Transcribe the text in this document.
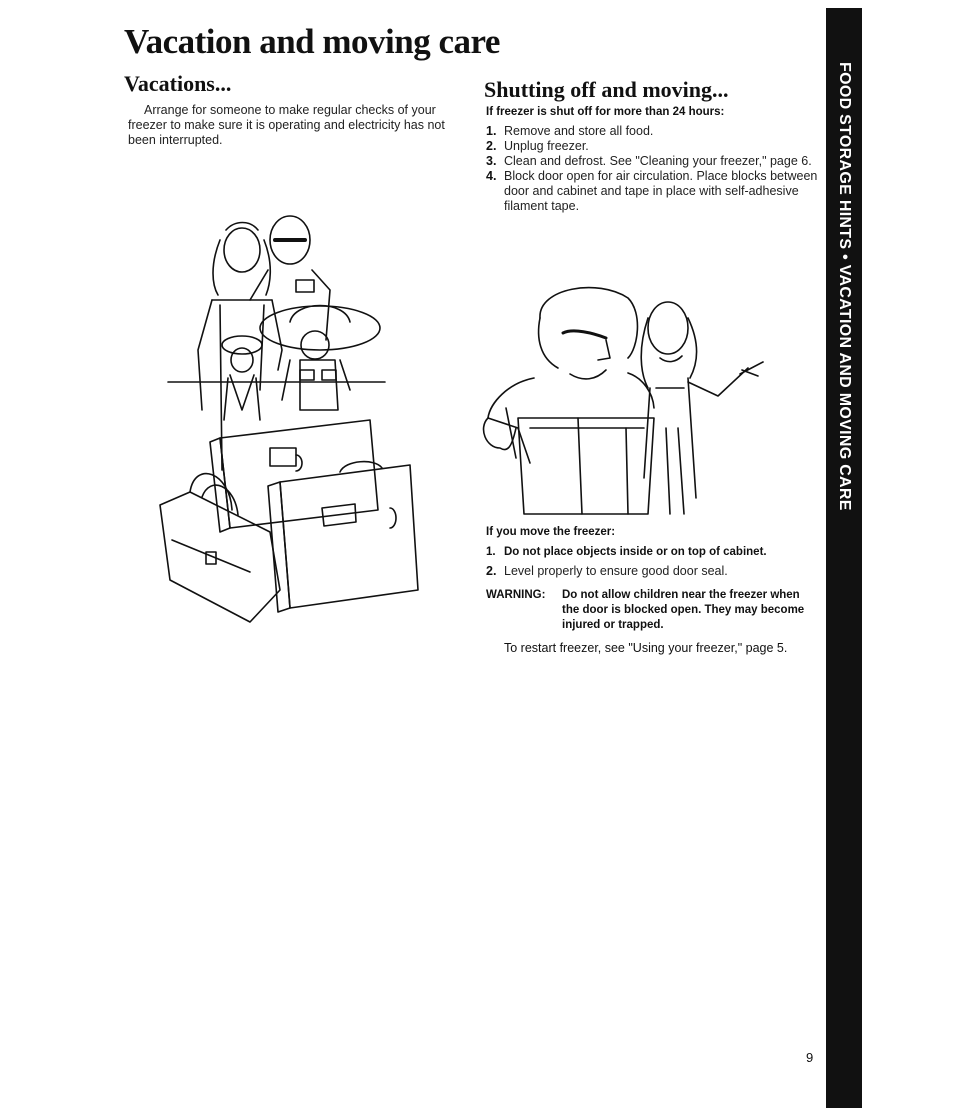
Vacation and moving care
Vacations...

Arrange for someone to make regular checks of your freezer to make sure it is operating and electricity has not been interrupted.

Shutting off and moving...

If freezer is shut off for more than 24 hours:

1. Remove and store all food.
2. Unplug freezer.
3. Clean and defrost. See "Cleaning your freezer," page 6.
4. Block door open for air circulation. Place blocks between door and cabinet and tape in place with self-adhesive filament tape.

If you move the freezer:

1. Do not place objects inside or on top of cabinet.
2. Level properly to ensure good door seal.
WARNING:	Do not allow children near the freezer when the door is blocked open. They may become injured or trapped.
To restart freezer, see "Using your freezer," page 5.
FOOD STORAGE HINTS • VACATION AND MOVING CARE
9
